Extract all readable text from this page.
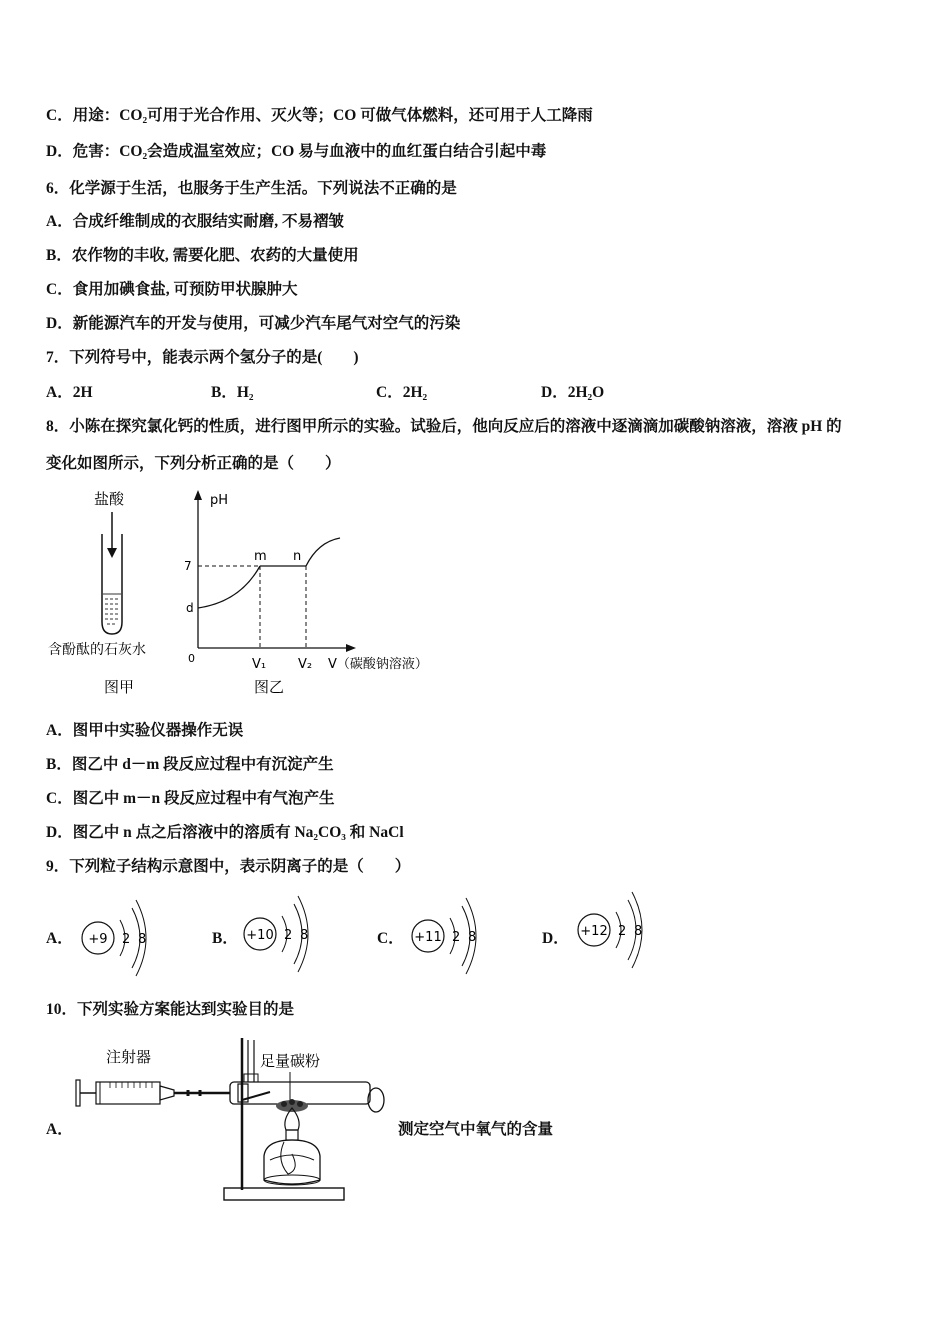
C．用途：CO₂可用于光合作用、灭火等；CO 可做气体燃料，还可用于人工降雨
D．危害：CO₂会造成温室效应；CO 易与血液中的血红蛋白结合引起中毒
6．化学源于生活，也服务于生产生活。下列说法不正确的是
A．合成纤维制成的衣服结实耐磨, 不易褶皱
B．农作物的丰收, 需要化肥、农药的大量使用
C．食用加碘食盐, 可预防甲状腺肿大
D．新能源汽车的开发与使用，可减少汽车尾气对空气的污染
7．下列符号中，能表示两个氢分子的是(　　)
A．2H	B．H₂	C．2H₂	D．2H₂O
8．小陈在探究氯化钙的性质，进行图甲所示的实验。试验后，他向反应后的溶液中逐滴滴加碳酸钠溶液，溶液 pH 的
变化如图所示，下列分析正确的是（　　）
盐酸
含酚酞的石灰水
图甲
pH
7
d
m n
0	V₁ V₂ V（碳酸钠溶液）
图乙
A．图甲中实验仪器操作无误
B．图乙中 d－m 段反应过程中有沉淀产生
C．图乙中 m－n 段反应过程中有气泡产生
D．图乙中 n 点之后溶液中的溶质有 Na₂CO₃ 和 NaCl
9．下列粒子结构示意图中，表示阴离子的是（　　）
A． +9 2 8	B． +10 2 8	C． +11 2 8	D． +12 2 8
10．下列实验方案能达到实验目的是
A．
注射器	足量碳粉
测定空气中氧气的含量
